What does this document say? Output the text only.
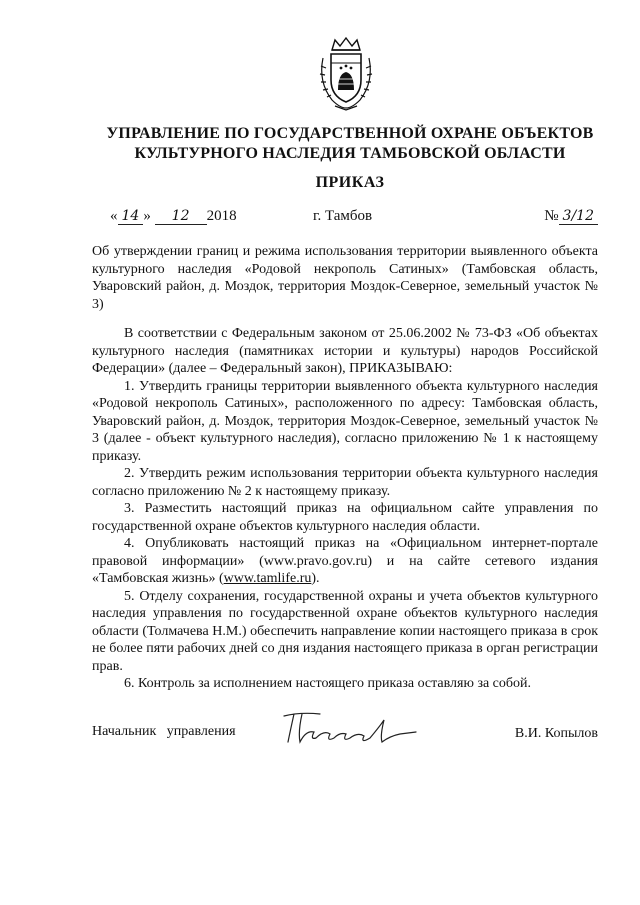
УПРАВЛЕНИЕ ПО ГОСУДАРСТВЕННОЙ ОХРАНЕ ОБЪЕКТОВ
КУЛЬТУРНОГО НАСЛЕДИЯ ТАМБОВСКОЙ ОБЛАСТИ
ПРИКАЗ
« 14 » 12 2018	г. Тамбов	№ 3/12
Об утверждении границ и режима использования территории выявленного объекта культурного наследия «Родовой некрополь Сатиных» (Тамбовская область, Уваровский район, д. Моздок, территория Моздок-Северное, земельный участок № 3)

В соответствии с Федеральным законом от 25.06.2002 № 73-ФЗ «Об объектах культурного наследия (памятниках истории и культуры) народов Российской Федерации» (далее – Федеральный закон), ПРИКАЗЫВАЮ:

1. Утвердить границы территории выявленного объекта культурного наследия «Родовой некрополь Сатиных», расположенного по адресу: Тамбовская область, Уваровский район, д. Моздок, территория Моздок-Северное, земельный участок № 3 (далее - объект культурного наследия), согласно приложению № 1 к настоящему приказу.

2. Утвердить режим использования территории объекта культурного наследия согласно приложению № 2 к настоящему приказу.

3. Разместить настоящий приказ на официальном сайте управления по государственной охране объектов культурного наследия области.

4. Опубликовать настоящий приказ на «Официальном интернет-портале правовой информации» (www.pravo.gov.ru) и на сайте сетевого издания «Тамбовская жизнь» (www.tamlife.ru).

5. Отделу сохранения, государственной охраны и учета объектов культурного наследия управления по государственной охране объектов культурного наследия области (Толмачева Н.М.) обеспечить направление копии настоящего приказа в срок не более пяти рабочих дней со дня издания настоящего приказа в орган регистрации прав.

6. Контроль за исполнением настоящего приказа оставляю за собой.

Начальник   управления	В.И. Копылов
